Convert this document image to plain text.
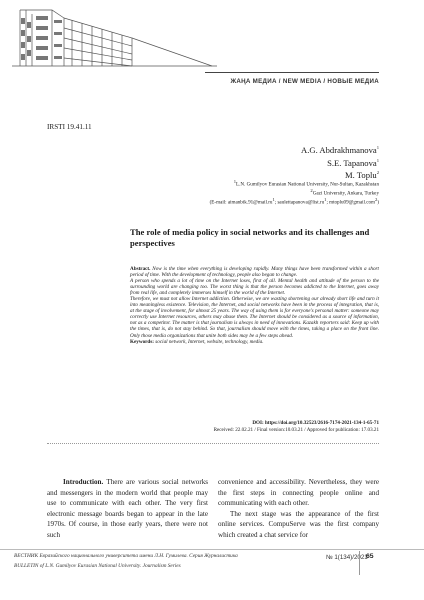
ЖАҢА МЕДИА / NEW MEDIA / НОВЫЕ МЕДИА
IRSTI 19.41.11
A.G. Abdrakhmanova$^1$
S.E. Tapanova$^1$
M. Toplu$^2$
$^1$L.N. Gumilyov Eurasian National University, Nur-Sultan, Kazakhstan
$^2$Gazi University, Ankara, Turkey
(E-mail: $aimanbik.91@mail.ru^1$; $saulettapanova@list.ru^1$; mtoplu09@gmail.com$^2$)
The role of media policy in social networks and its challenges and perspectives

Abstract. Now is the time when everything is developing rapidly. Many things have been transformed within a short period of time. With the development of technology, people also began to change.

A person who spends a lot of time on the Internet loses, first of all. Mental health and attitude of the person to the surrounding world are changing too. The worst thing is that the person becomes addicted to the Internet, goes away from real life, and completely immerses himself in the world of the Internet.

Therefore, we must not allow Internet addiction. Otherwise, we are wasting shortening our already short life and turn it into meaningless existence. Television, the Internet, and social networks have been in the process of integration, that is, at the stage of involvement, for almost 25 years. The way of using them is for everyone's personal matter: someone may correctly use Internet resources, others may abuse them. The Internet should be considered as a source of information, not as a competitor. The matter is that journalism is always in need of innovations. Kazakh reporters said: Keep up with the times, that is, do not stay behind. So that, journalism should move with the times, taking a place on the front line. Only those media organizations that unite both sides may be a few steps ahead.

Keywords: social network, Internet, website, technology, media.

DOI: https://doi.org/10.32523/2616-7174-2021-134-1-65-71
Received: 22.02.21 / Final version:10.03.21 / Approved for publication: 17.03.21

Introduction. There are various social networks and messengers in the modern world that people may use to communicate with each other. The very first electronic message boards began to appear in the late 1970s. Of course, in those early years, there were not such

convenience and accessibility. Nevertheless, they were the first steps in connecting people online and communicating with each other.

The next stage was the appearance of the first online services. CompuServe was the first company which created a chat service for

ВЕСТНИК Евразийского национального университета имени Л.Н. Гумилева. Серия Журналистика
BULLETIN of L.N. Gumilyov Eurasian National University. Journalism Series
№ 1(134)/2021
65
